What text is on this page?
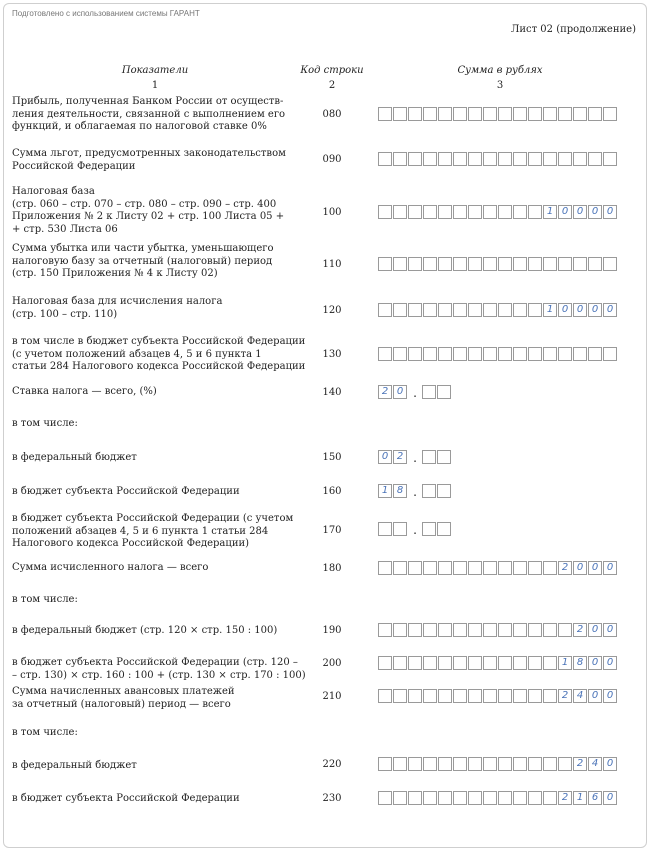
Подготовлено с использованием системы ГАРАНТ
Лист 02 (продолжение)
Показатели	Код строки	Сумма в рублях
1	2	3
Прибыль, полученная Банком России от осуществ-
ления деятельности, связанной с выполнением его
функций, и облагаемая по налоговой ставке 0%
080
Сумма льгот, предусмотренных законодательством
Российской Федерации
090
Налоговая база
(стр. 060 – стр. 070 – стр. 080 – стр. 090 – стр. 400
Приложения № 2 к Листу 02 + стр. 100 Листа 05 +
+ стр. 530 Листа 06
100	1 0 0 0 0
Сумма убытка или части убытка, уменьшающего
налоговую базу за отчетный (налоговый) период
(стр. 150 Приложения № 4 к Листу 02)
110
Налоговая база для исчисления налога
(стр. 100 – стр. 110)	120	1 0 0 0 0
в том числе в бюджет субъекта Российской Федерации
(с учетом положений абзацев 4, 5 и 6 пункта 1
статьи 284 Налогового кодекса Российской Федерации
130
Ставка налога — всего, (%)	140	2 0 .
в том числе:
в федеральный бюджет	150	0 2 .
в бюджет субъекта Российской Федерации	160	1 8 .
в бюджет субъекта Российской Федерации (с учетом
положений абзацев 4, 5 и 6 пункта 1 статьи 284
Налогового кодекса Российской Федерации)
170	.
Сумма исчисленного налога — всего	180	2 0 0 0
в том числе:
в федеральный бюджет (стр. 120 × стр. 150 : 100)	190	2 0 0
в бюджет субъекта Российской Федерации (стр. 120 –
– стр. 130) × стр. 160 : 100 + (стр. 130 × стр. 170 : 100)
200	1 8 0 0
Сумма начисленных авансовых платежей
за отчетный (налоговый) период — всего
210	2 4 0 0
в том числе:
в федеральный бюджет	220	2 4 0
в бюджет субъекта Российской Федерации	230	2 1 6 0
